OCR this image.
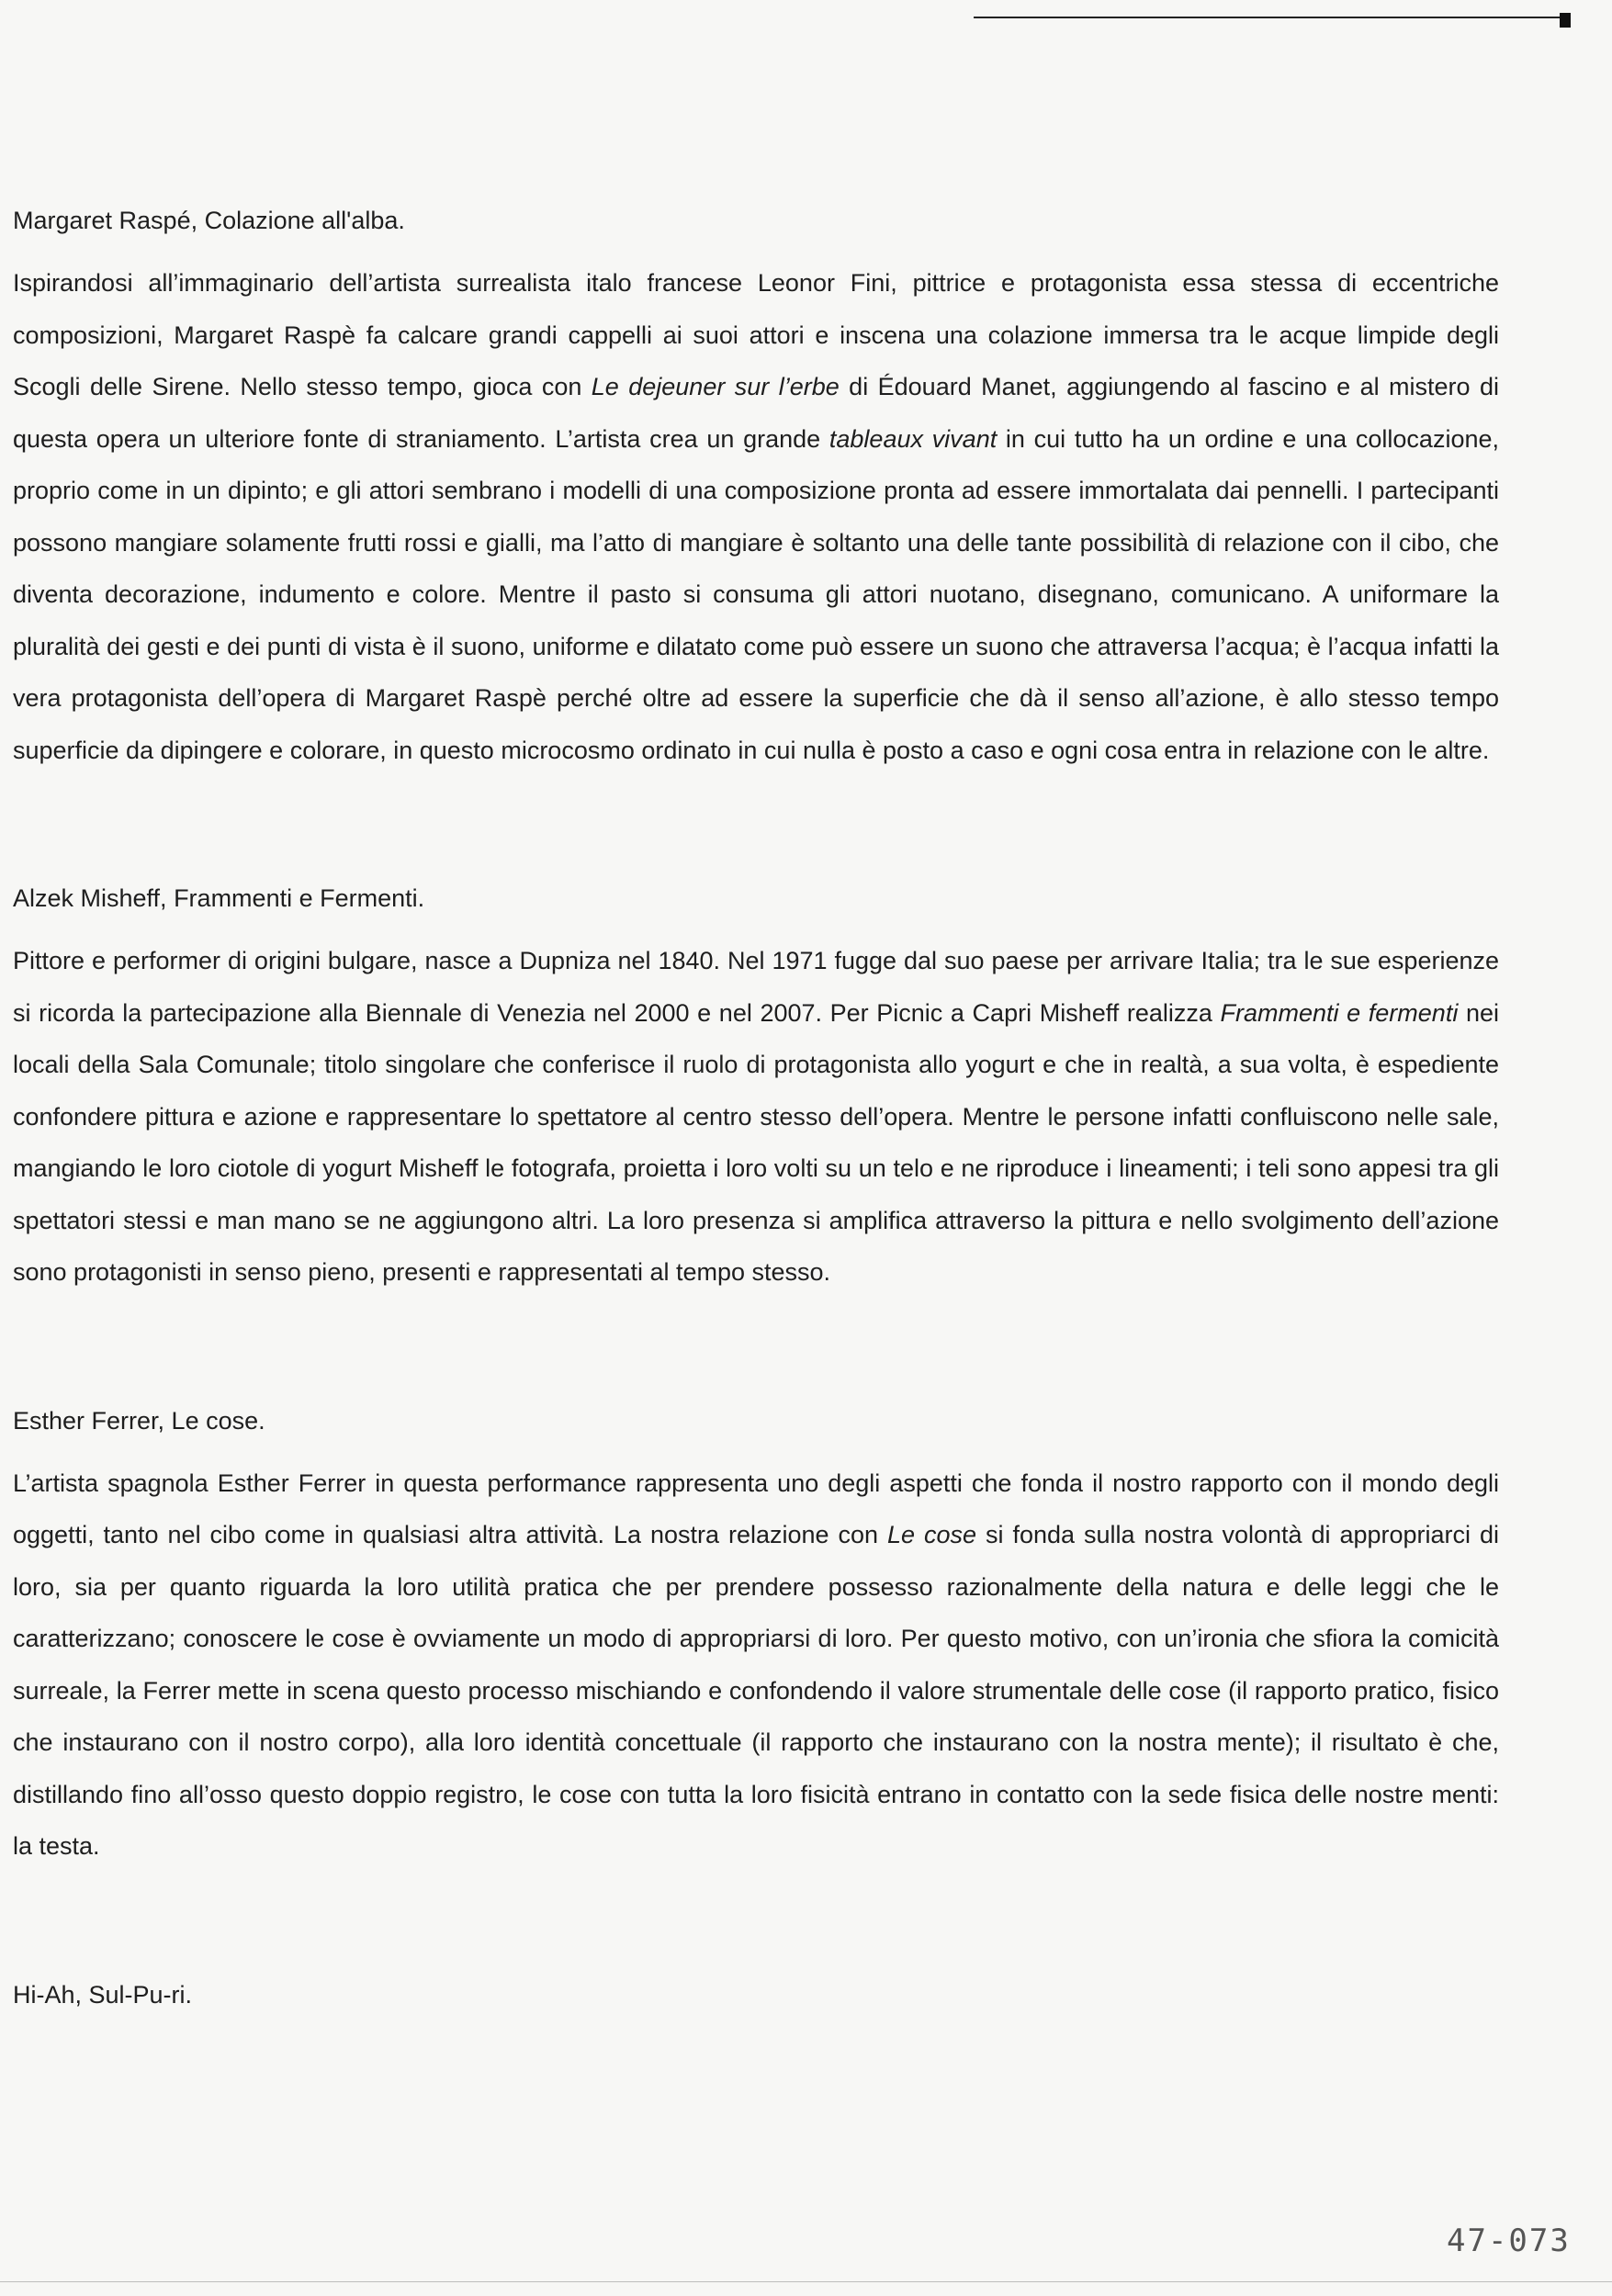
Margaret Raspé, Colazione all'alba.

Ispirandosi all’immaginario dell’artista surrealista italo francese Leonor Fini, pittrice e protagonista essa stessa di eccentriche composizioni, Margaret Raspè fa calcare grandi cappelli ai suoi attori e inscena una colazione immersa tra le acque limpide degli Scogli delle Sirene. Nello stesso tempo, gioca con Le dejeuner sur l’erbe di Édouard Manet, aggiungendo al fascino e al mistero di questa opera un ulteriore fonte di straniamento. L’artista crea un grande tableaux vivant in cui tutto ha un ordine e una collocazione, proprio come in un dipinto; e gli attori sembrano i modelli di una composizione pronta ad essere immortalata dai pennelli. I partecipanti possono mangiare solamente frutti rossi e gialli, ma l’atto di mangiare è soltanto una delle tante possibilità di relazione con il cibo, che diventa decorazione, indumento e colore. Mentre il pasto si consuma gli attori nuotano, disegnano, comunicano. A uniformare la pluralità dei gesti e dei punti di vista è il suono, uniforme e dilatato come può essere un suono che attraversa l’acqua; è l’acqua infatti la vera protagonista dell’opera di Margaret Raspè perché oltre ad essere la superficie che dà il senso all’azione, è allo stesso tempo superficie da dipingere e colorare, in questo microcosmo ordinato in cui nulla è posto a caso e ogni cosa entra in relazione con le altre.

Alzek Misheff, Frammenti e Fermenti.

Pittore e performer di origini bulgare, nasce a Dupniza nel 1840. Nel 1971 fugge dal suo paese per arrivare Italia; tra le sue esperienze si ricorda la partecipazione alla Biennale di Venezia nel 2000 e nel 2007. Per Picnic a Capri Misheff realizza Frammenti e fermenti nei locali della Sala Comunale; titolo singolare che conferisce il ruolo di protagonista allo yogurt e che in realtà, a sua volta, è espediente confondere pittura e azione e rappresentare lo spettatore al centro stesso dell’opera. Mentre le persone infatti confluiscono nelle sale, mangiando le loro ciotole di yogurt Misheff le fotografa, proietta i loro volti su un telo e ne riproduce i lineamenti; i teli sono appesi tra gli spettatori stessi e man mano se ne aggiungono altri. La loro presenza si amplifica attraverso la pittura e nello svolgimento dell’azione sono protagonisti in senso pieno, presenti e rappresentati al tempo stesso.

Esther Ferrer, Le cose.

L’artista spagnola Esther Ferrer in questa performance rappresenta uno degli aspetti che fonda il nostro rapporto con il mondo degli oggetti, tanto nel cibo come in qualsiasi altra attività. La nostra relazione con Le cose si fonda sulla nostra volontà di appropriarci di loro, sia per quanto riguarda la loro utilità pratica che per prendere possesso razionalmente della natura e delle leggi che le caratterizzano; conoscere le cose è ovviamente un modo di appropriarsi di loro. Per questo motivo, con un’ironia che sfiora la comicità surreale, la Ferrer mette in scena questo processo mischiando e confondendo il valore strumentale delle cose (il rapporto pratico, fisico che instaurano con il nostro corpo), alla loro identità concettuale (il rapporto che instaurano con la nostra mente); il risultato è che, distillando fino all’osso questo doppio registro, le cose con tutta la loro fisicità entrano in contatto con la sede fisica delle nostre menti: la testa.

Hi-Ah, Sul-Pu-ri.

47-073
